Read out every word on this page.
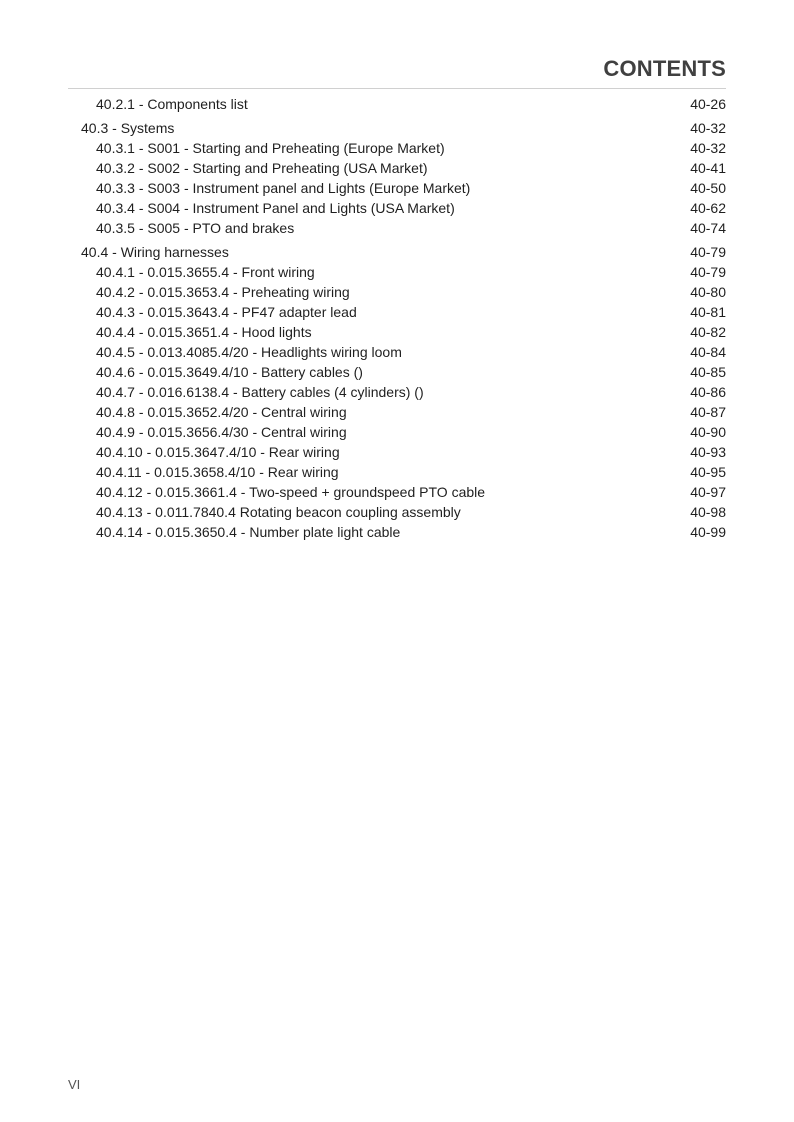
CONTENTS
40.2.1 - Components list	40-26
40.3 - Systems	40-32
40.3.1 - S001 - Starting and Preheating (Europe Market)	40-32
40.3.2 - S002 - Starting and Preheating (USA Market)	40-41
40.3.3 - S003 - Instrument panel and Lights (Europe Market)	40-50
40.3.4 - S004 - Instrument Panel and Lights (USA Market)	40-62
40.3.5 - S005 - PTO and brakes	40-74
40.4 - Wiring harnesses	40-79
40.4.1 - 0.015.3655.4 - Front wiring	40-79
40.4.2 - 0.015.3653.4 - Preheating wiring	40-80
40.4.3 - 0.015.3643.4 - PF47 adapter lead	40-81
40.4.4 - 0.015.3651.4 - Hood lights	40-82
40.4.5 - 0.013.4085.4/20 - Headlights wiring loom	40-84
40.4.6 - 0.015.3649.4/10 - Battery cables ()	40-85
40.4.7 - 0.016.6138.4 - Battery cables (4 cylinders) ()	40-86
40.4.8 - 0.015.3652.4/20 - Central wiring	40-87
40.4.9 - 0.015.3656.4/30 - Central wiring	40-90
40.4.10 - 0.015.3647.4/10 - Rear wiring	40-93
40.4.11 - 0.015.3658.4/10 - Rear wiring	40-95
40.4.12 - 0.015.3661.4 - Two-speed + groundspeed PTO cable	40-97
40.4.13 - 0.011.7840.4 Rotating beacon coupling assembly	40-98
40.4.14 - 0.015.3650.4 - Number plate light cable	40-99
VI
